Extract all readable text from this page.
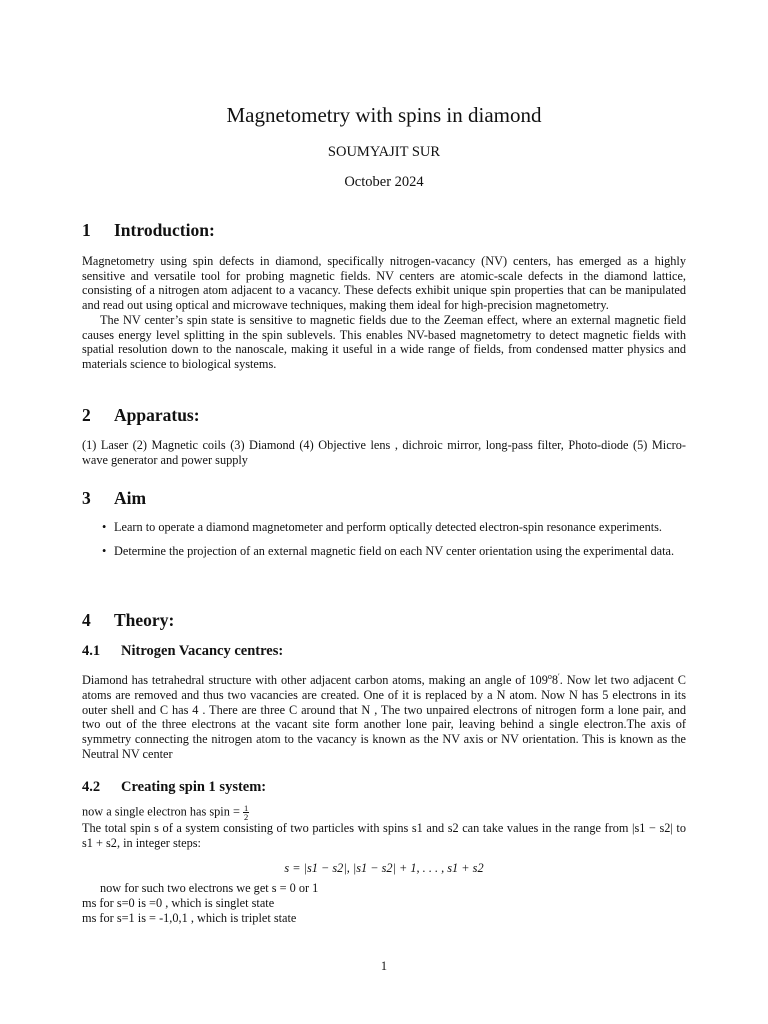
Magnetometry with spins in diamond
SOUMYAJIT SUR
October 2024
1 Introduction:

Magnetometry using spin defects in diamond, specifically nitrogen-vacancy (NV) centers, has emerged as a highly sensitive and versatile tool for probing magnetic fields. NV centers are atomic-scale defects in the diamond lattice, consisting of a nitrogen atom adjacent to a vacancy. These defects exhibit unique spin properties that can be manipulated and read out using optical and microwave techniques, making them ideal for high-precision magnetometry.

The NV center’s spin state is sensitive to magnetic fields due to the Zeeman effect, where an external magnetic field causes energy level splitting in the spin sublevels. This enables NV-based magnetometry to detect magnetic fields with spatial resolution down to the nanoscale, making it useful in a wide range of fields, from condensed matter physics and materials science to biological systems.

2 Apparatus:

(1) Laser (2) Magnetic coils (3) Diamond (4) Objective lens , dichroic mirror, long-pass filter, Photo-diode (5) Micro-wave generator and power supply

3 Aim
• Learn to operate a diamond magnetometer and perform optically detected electron-spin resonance experiments.
• Determine the projection of an external magnetic field on each NV center orientation using the experimental data.
4 Theory:
4.1 Nitrogen Vacancy centres:

Diamond has tetrahedral structure with other adjacent carbon atoms, making an angle of 109$^o$8′. Now let two adjacent C atoms are removed and thus two vacancies are created. One of it is replaced by a N atom. Now N has 5 electrons in its outer shell and C has 4 . There are three C around that N , The two unpaired electrons of nitrogen form a lone pair, and two out of the three electrons at the vacant site form another lone pair, leaving behind a single electron.The axis of symmetry connecting the nitrogen atom to the vacancy is known as the NV axis or NV orientation. This is known as the Neutral NV center

4.2 Creating spin 1 system:

now a single electron has spin = $\frac{1}{2}$

The total spin s of a system consisting of two particles with spins s1 and s2 can take values in the range from |s1 − s2| to s1 + s2, in integer steps:

s = |s1 − s2|, |s1 − s2| + 1, . . . , s1 + s2

now for such two electrons we get s = 0 or 1

ms for s=0 is =0 , which is singlet state

ms for s=1 is = -1,0,1 , which is triplet state

1
